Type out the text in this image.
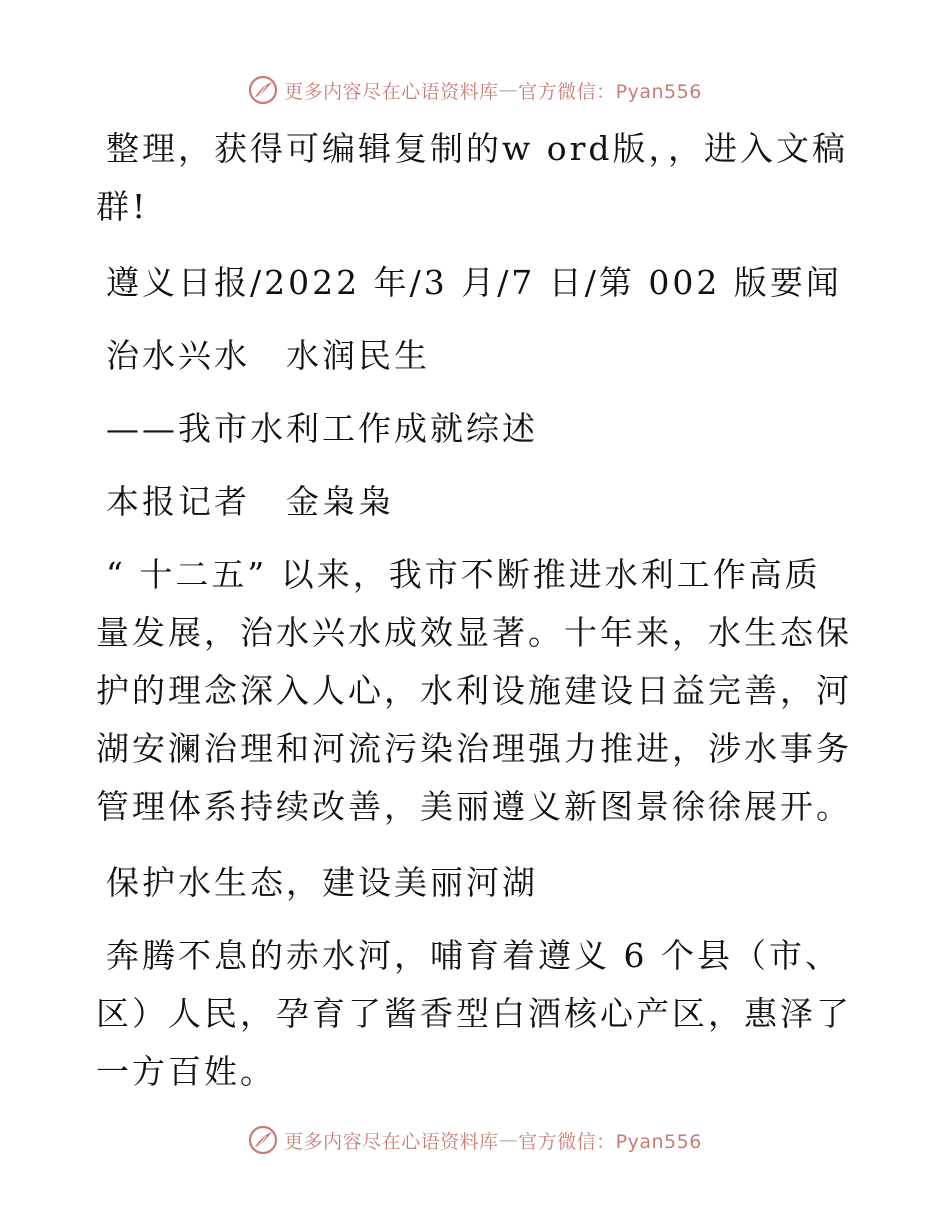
更多内容尽在心语资料库 — 官方微信：Pyan556

整理，获得可编辑复制的w ord版，，进入文稿群!

遵义日报/2022 年/3 月/7 日/第 002 版要闻

治水兴水　水润民生

——我市水利工作成就综述

本报记者　金枭枭

“ 十二五” 以来，我市不断推进水利工作高质量发展，治水兴水成效显著。十年来，水生态保护的理念深入人心，水利设施建设日益完善，河湖安澜治理和河流污染治理强力推进，涉水事务管理体系持续改善，美丽遵义新图景徐徐展开。

保护水生态，建设美丽河湖

奔腾不息的赤水河，哺育着遵义 6 个县（市、区）人民，孕育了酱香型白酒核心产区，惠泽了一方百姓。

更多内容尽在心语资料库 — 官方微信：Pyan556
